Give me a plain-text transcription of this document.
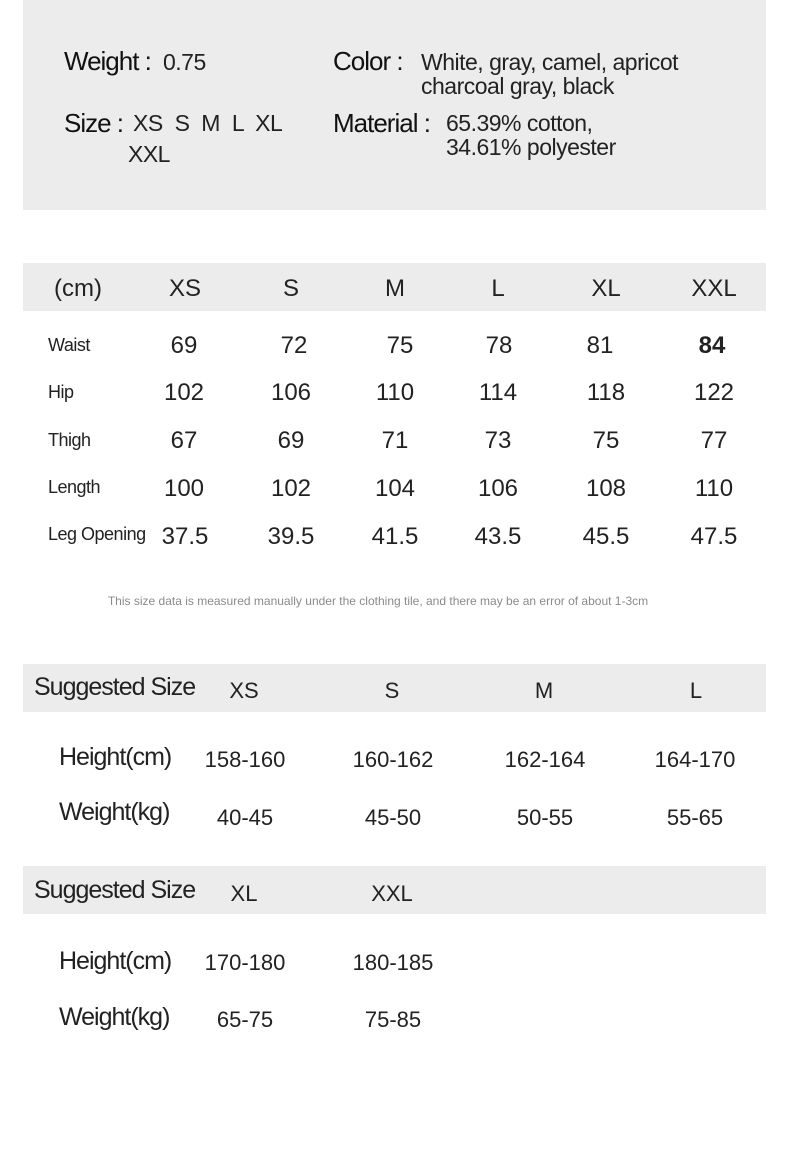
Weight : 0.75	Color : White, gray, camel, apricot
charcoal gray, black
Size : XS S M L XL
XXL
Material : 65.39% cotton,
34.61% polyester
(cm)	XS	S	M	L	XL	XXL
Waist	69	72	75	78	81	84
Hip	102	106	110	114	118	122
Thigh	67	69	71	73	75	77
Length	100	102	104	106	108	110
Leg Opening 37.5	39.5	41.5	43.5	45.5	47.5
This size data is measured manually under the clothing tile, and there may be an error of about 1-3cm
Suggested Size	XS	S	M	L
Height(cm)	158-160	160-162	162-164	164-170
Weight(kg)	40-45	45-50	50-55	55-65
Suggested Size	XL	XXL
Height(cm)	170-180	180-185
Weight(kg)	65-75	75-85
